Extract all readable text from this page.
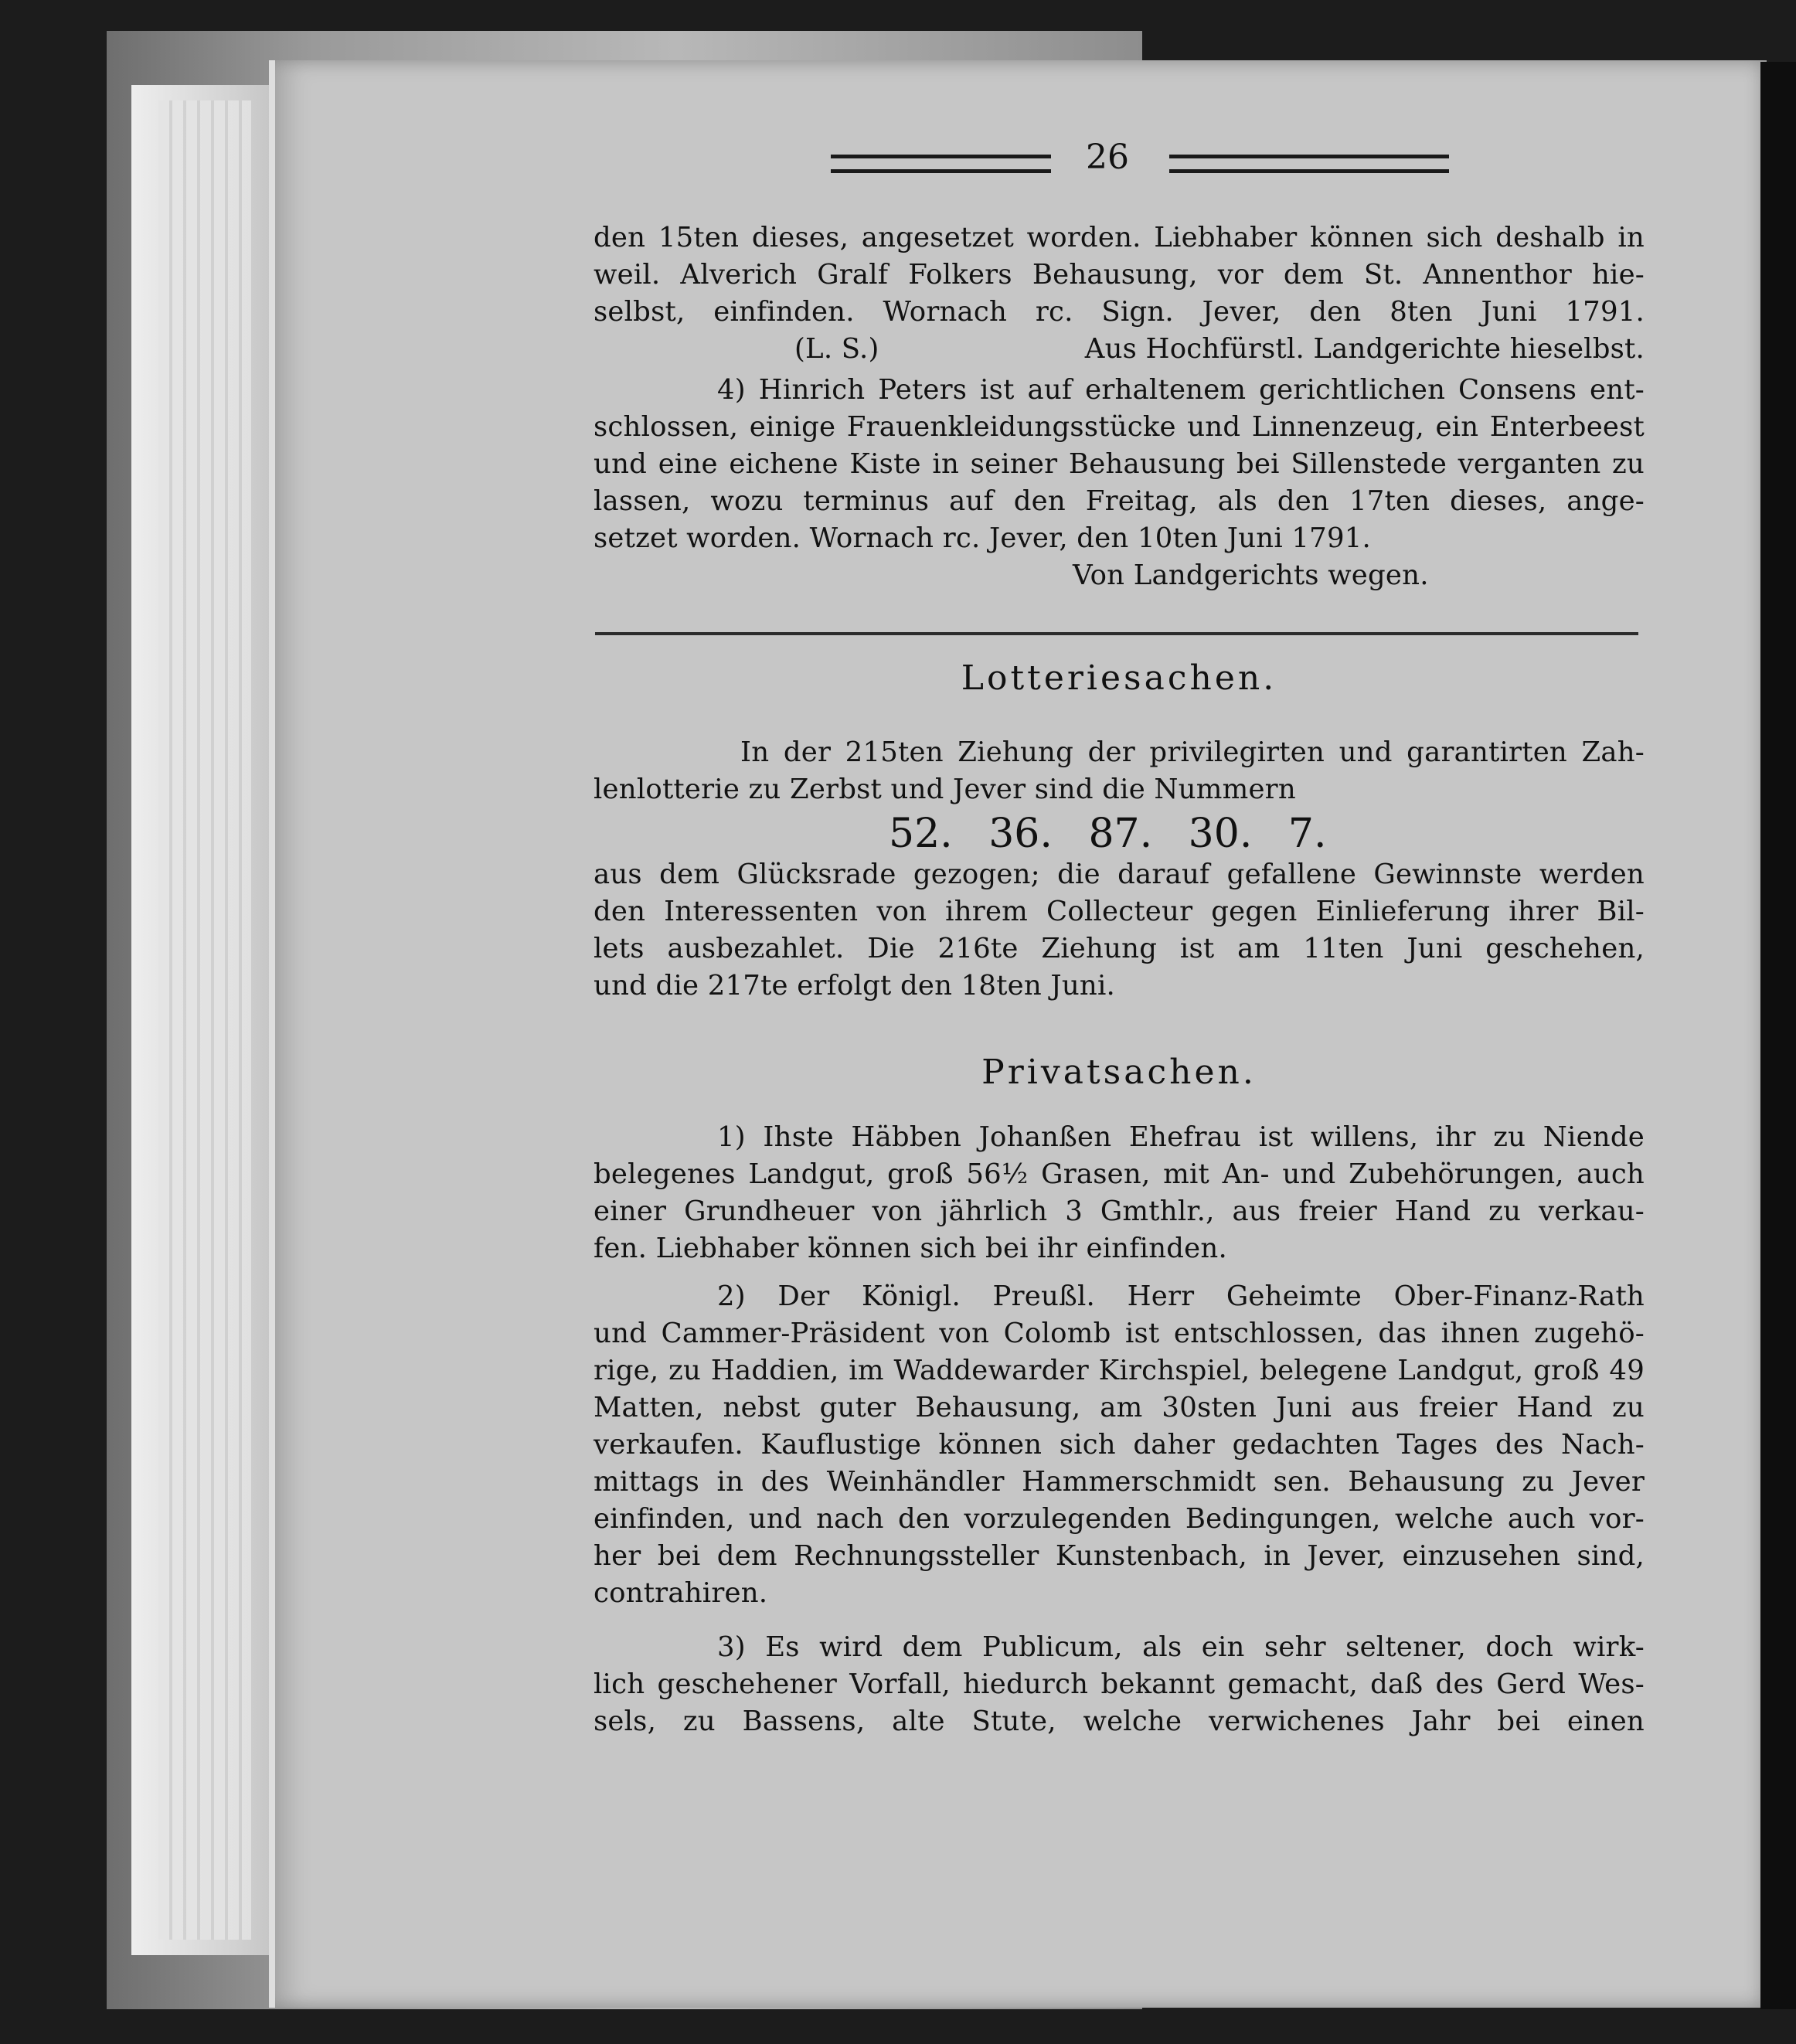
26
den 15ten dieses, angesetzet worden. Liebhaber können sich deshalb in
weil. Alverich Gralf Folkers Behausung, vor dem St. Annenthor hie-
selbst, einfinden. Wornach rc. Sign. Jever, den 8ten Juni 1791.
(L. S.)	Aus Hochfürstl. Landgerichte hieselbst.
4) Hinrich Peters ist auf erhaltenem gerichtlichen Consens ent-
schlossen, einige Frauenkleidungsstücke und Linnenzeug, ein Enterbeest
und eine eichene Kiste in seiner Behausung bei Sillenstede verganten zu
lassen, wozu terminus auf den Freitag, als den 17ten dieses, ange-
setzet worden. Wornach rc. Jever, den 10ten Juni 1791.
Von Landgerichts wegen.
Lotteriesachen.
In der 215ten Ziehung der privilegirten und garantirten Zah-
lenlotterie zu Zerbst und Jever sind die Nummern
52. 36. 87. 30. 7.
aus dem Glücksrade gezogen; die darauf gefallene Gewinnste werden
den Interessenten von ihrem Collecteur gegen Einlieferung ihrer Bil-
lets ausbezahlet. Die 216te Ziehung ist am 11ten Juni geschehen,
und die 217te erfolgt den 18ten Juni.
Privatsachen.
1) Ihste Häbben Johanßen Ehefrau ist willens, ihr zu Niende
belegenes Landgut, groß 56½ Grasen, mit An- und Zubehörungen, auch
einer Grundheuer von jährlich 3 Gmthlr., aus freier Hand zu verkau-
fen. Liebhaber können sich bei ihr einfinden.
2) Der Königl. Preußl. Herr Geheimte Ober-Finanz-Rath
und Cammer-Präsident von Colomb ist entschlossen, das ihnen zugehö-
rige, zu Haddien, im Waddewarder Kirchspiel, belegene Landgut, groß 49
Matten, nebst guter Behausung, am 30sten Juni aus freier Hand zu
verkaufen. Kauflustige können sich daher gedachten Tages des Nach-
mittags in des Weinhändler Hammerschmidt sen. Behausung zu Jever
einfinden, und nach den vorzulegenden Bedingungen, welche auch vor-
her bei dem Rechnungssteller Kunstenbach, in Jever, einzusehen sind,
contrahiren.
3) Es wird dem Publicum, als ein sehr seltener, doch wirk-
lich geschehener Vorfall, hiedurch bekannt gemacht, daß des Gerd Wes-
sels, zu Bassens, alte Stute, welche verwichenes Jahr bei einen
